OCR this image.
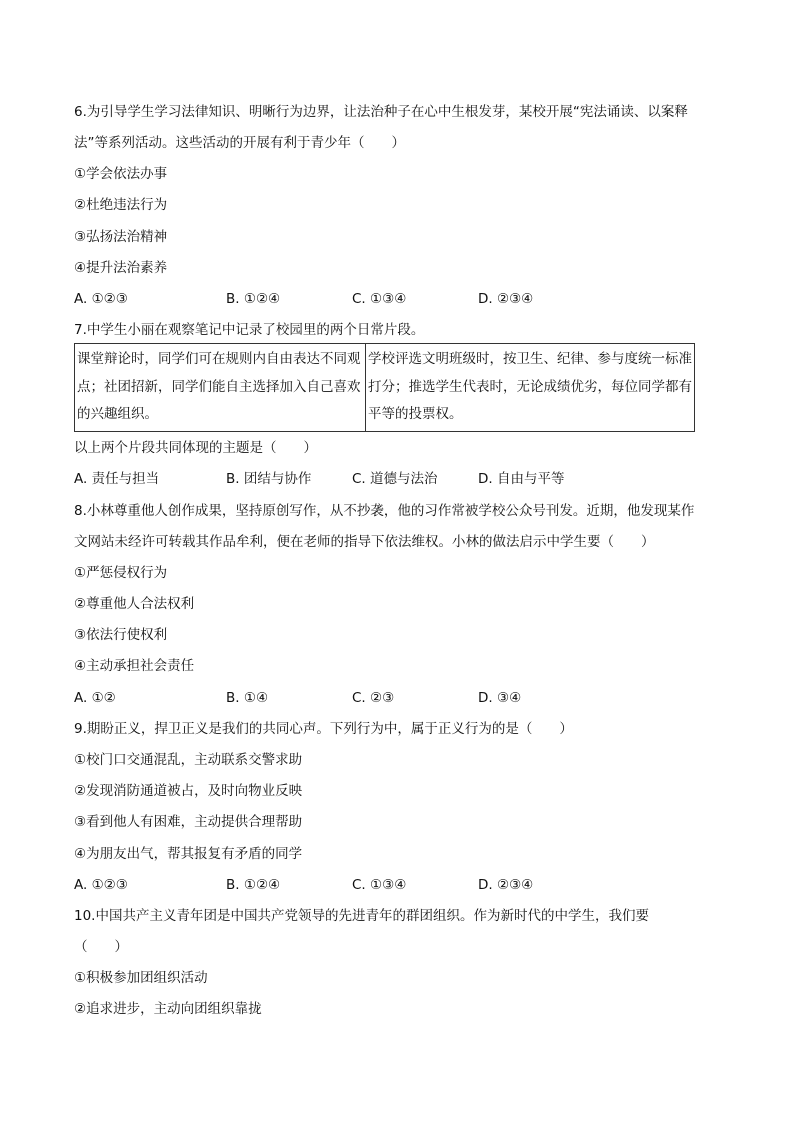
6.为引导学生学习法律知识、明晰行为边界，让法治种子在心中生根发芽，某校开展“宪法诵读、以案释
法”等系列活动。这些活动的开展有利于青少年（　　）
①学会依法办事
②杜绝违法行为
③弘扬法治精神
④提升法治素养
A. ①②③	B. ①②④	C. ①③④	D. ②③④
7.中学生小丽在观察笔记中记录了校园里的两个日常片段。
课堂辩论时，同学们可在规则内自由表达不同观点；社团招新，同学们能自主选择加入自己喜欢的兴趣组织。	学校评选文明班级时，按卫生、纪律、参与度统一标准打分；推选学生代表时，无论成绩优劣，每位同学都有平等的投票权。
以上两个片段共同体现的主题是（　　）
A. 责任与担当	B. 团结与协作	C. 道德与法治	D. 自由与平等
8.小林尊重他人创作成果，坚持原创写作，从不抄袭，他的习作常被学校公众号刊发。近期，他发现某作
文网站未经许可转载其作品牟利，便在老师的指导下依法维权。小林的做法启示中学生要（　　）
①严惩侵权行为
②尊重他人合法权利
③依法行使权利
④主动承担社会责任
A. ①②	B. ①④	C. ②③	D. ③④
9.期盼正义，捍卫正义是我们的共同心声。下列行为中，属于正义行为的是（　　）
①校门口交通混乱，主动联系交警求助
②发现消防通道被占，及时向物业反映
③看到他人有困难，主动提供合理帮助
④为朋友出气，帮其报复有矛盾的同学
A. ①②③	B. ①②④	C. ①③④	D. ②③④
10.中国共产主义青年团是中国共产党领导的先进青年的群团组织。作为新时代的中学生，我们要
（　　）
①积极参加团组织活动
②追求进步，主动向团组织靠拢
